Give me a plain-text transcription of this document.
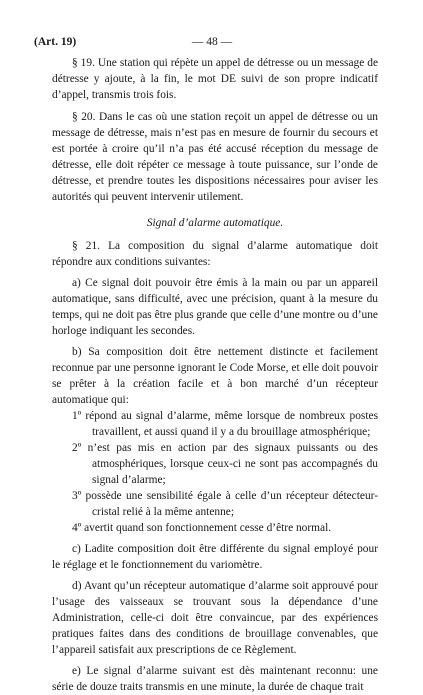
(Art. 19)	— 48 —

§ 19. Une station qui répète un appel de détresse ou un message de détresse y ajoute, à la fin, le mot DE suivi de son propre indicatif d’appel, transmis trois fois.

§ 20. Dans le cas où une station reçoit un appel de détresse ou un message de détresse, mais n’est pas en mesure de fournir du secours et est portée à croire qu’il n’a pas été accusé réception du message de détresse, elle doit répéter ce message à toute puissance, sur l’onde de détresse, et prendre toutes les dispositions nécessaires pour aviser les autorités qui peuvent intervenir utilement.

Signal d’alarme automatique.

§ 21. La composition du signal d’alarme automatique doit répondre aux conditions suivantes:

a) Ce signal doit pouvoir être émis à la main ou par un appareil automatique, sans difficulté, avec une précision, quant à la mesure du temps, qui ne doit pas être plus grande que celle d’une montre ou d’une horloge indiquant les secondes.

b) Sa composition doit être nettement distincte et facilement reconnue par une personne ignorant le Code Morse, et elle doit pouvoir se prêter à la création facile et à bon marché d’un récepteur automatique qui:

1º répond au signal d’alarme, même lorsque de nombreux postes travaillent, et aussi quand il y a du brouillage atmosphérique;

2º n’est pas mis en action par des signaux puissants ou des atmosphériques, lorsque ceux-ci ne sont pas accompagnés du signal d’alarme;

3º possède une sensibilité égale à celle d’un récepteur détecteur-cristal relié à la même antenne;

4º avertit quand son fonctionnement cesse d’être normal.

c) Ladite composition doit être différente du signal employé pour le réglage et le fonctionnement du variomètre.

d) Avant qu’un récepteur automatique d’alarme soit approuvé pour l’usage des vaisseaux se trouvant sous la dépendance d’une Administration, celle-ci doit être convaincue, par des expériences pratiques faites dans des conditions de brouillage convenables, que l’appareil satisfait aux prescriptions de ce Règlement.

e) Le signal d’alarme suivant est dès maintenant reconnu: une série de douze traits transmis en une minute, la durée de chaque trait
